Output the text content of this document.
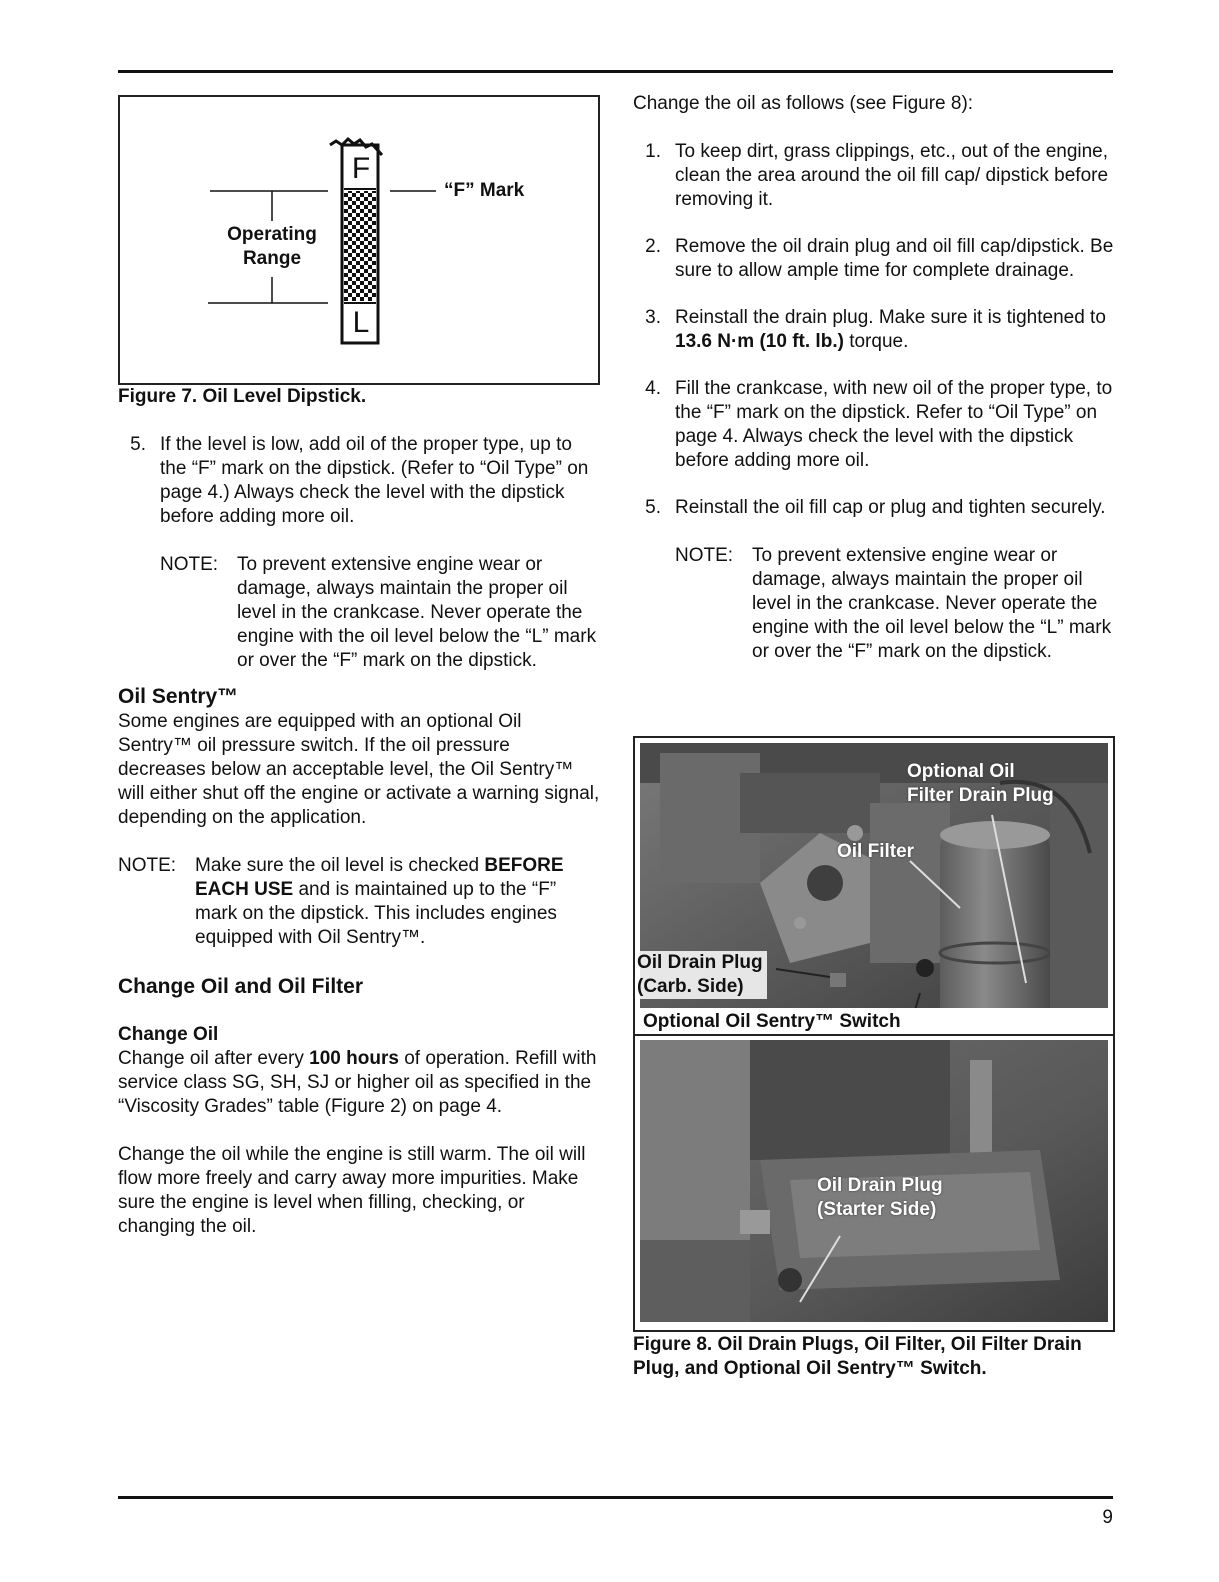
F
L
“F” Mark
Operating
Range
Figure 7. Oil Level Dipstick.
5. If the level is low, add oil of the proper type, up to the “F” mark on the dipstick. (Refer to “Oil Type” on page 4.) Always check the level with the dipstick before adding more oil.
NOTE: To prevent extensive engine wear or damage, always maintain the proper oil level in the crankcase. Never operate the engine with the oil level below the “L” mark or over the “F” mark on the dipstick.
Oil Sentry™

Some engines are equipped with an optional Oil Sentry™ oil pressure switch. If the oil pressure decreases below an acceptable level, the Oil Sentry™ will either shut off the engine or activate a warning signal, depending on the application.

NOTE: Make sure the oil level is checked BEFORE EACH USE and is maintained up to the “F” mark on the dipstick. This includes engines equipped with Oil Sentry™.
Change Oil and Oil Filter
Change Oil

Change oil after every 100 hours of operation. Refill with service class SG, SH, SJ or higher oil as specified in the “Viscosity Grades” table (Figure 2) on page 4.

Change the oil while the engine is still warm. The oil will flow more freely and carry away more impurities. Make sure the engine is level when filling, checking, or changing the oil.

Change the oil as follows (see Figure 8):

1. To keep dirt, grass clippings, etc., out of the engine, clean the area around the oil fill cap/ dipstick before removing it.
2. Remove the oil drain plug and oil fill cap/dipstick. Be sure to allow ample time for complete drainage.
3. Reinstall the drain plug. Make sure it is tightened to 13.6 N·m (10 ft. lb.) torque.
4. Fill the crankcase, with new oil of the proper type, to the “F” mark on the dipstick. Refer to “Oil Type” on page 4. Always check the level with the dipstick before adding more oil.
5. Reinstall the oil fill cap or plug and tighten securely.
NOTE: To prevent extensive engine wear or damage, always maintain the proper oil level in the crankcase. Never operate the engine with the oil level below the “L” mark or over the “F” mark on the dipstick.
Optional Oil
Filter Drain Plug
Oil Filter
Oil Drain Plug
(Carb. Side)
Optional Oil Sentry™ Switch
Oil Drain Plug
(Starter Side)
Figure 8. Oil Drain Plugs, Oil Filter, Oil Filter Drain Plug, and Optional Oil Sentry™ Switch.
9
